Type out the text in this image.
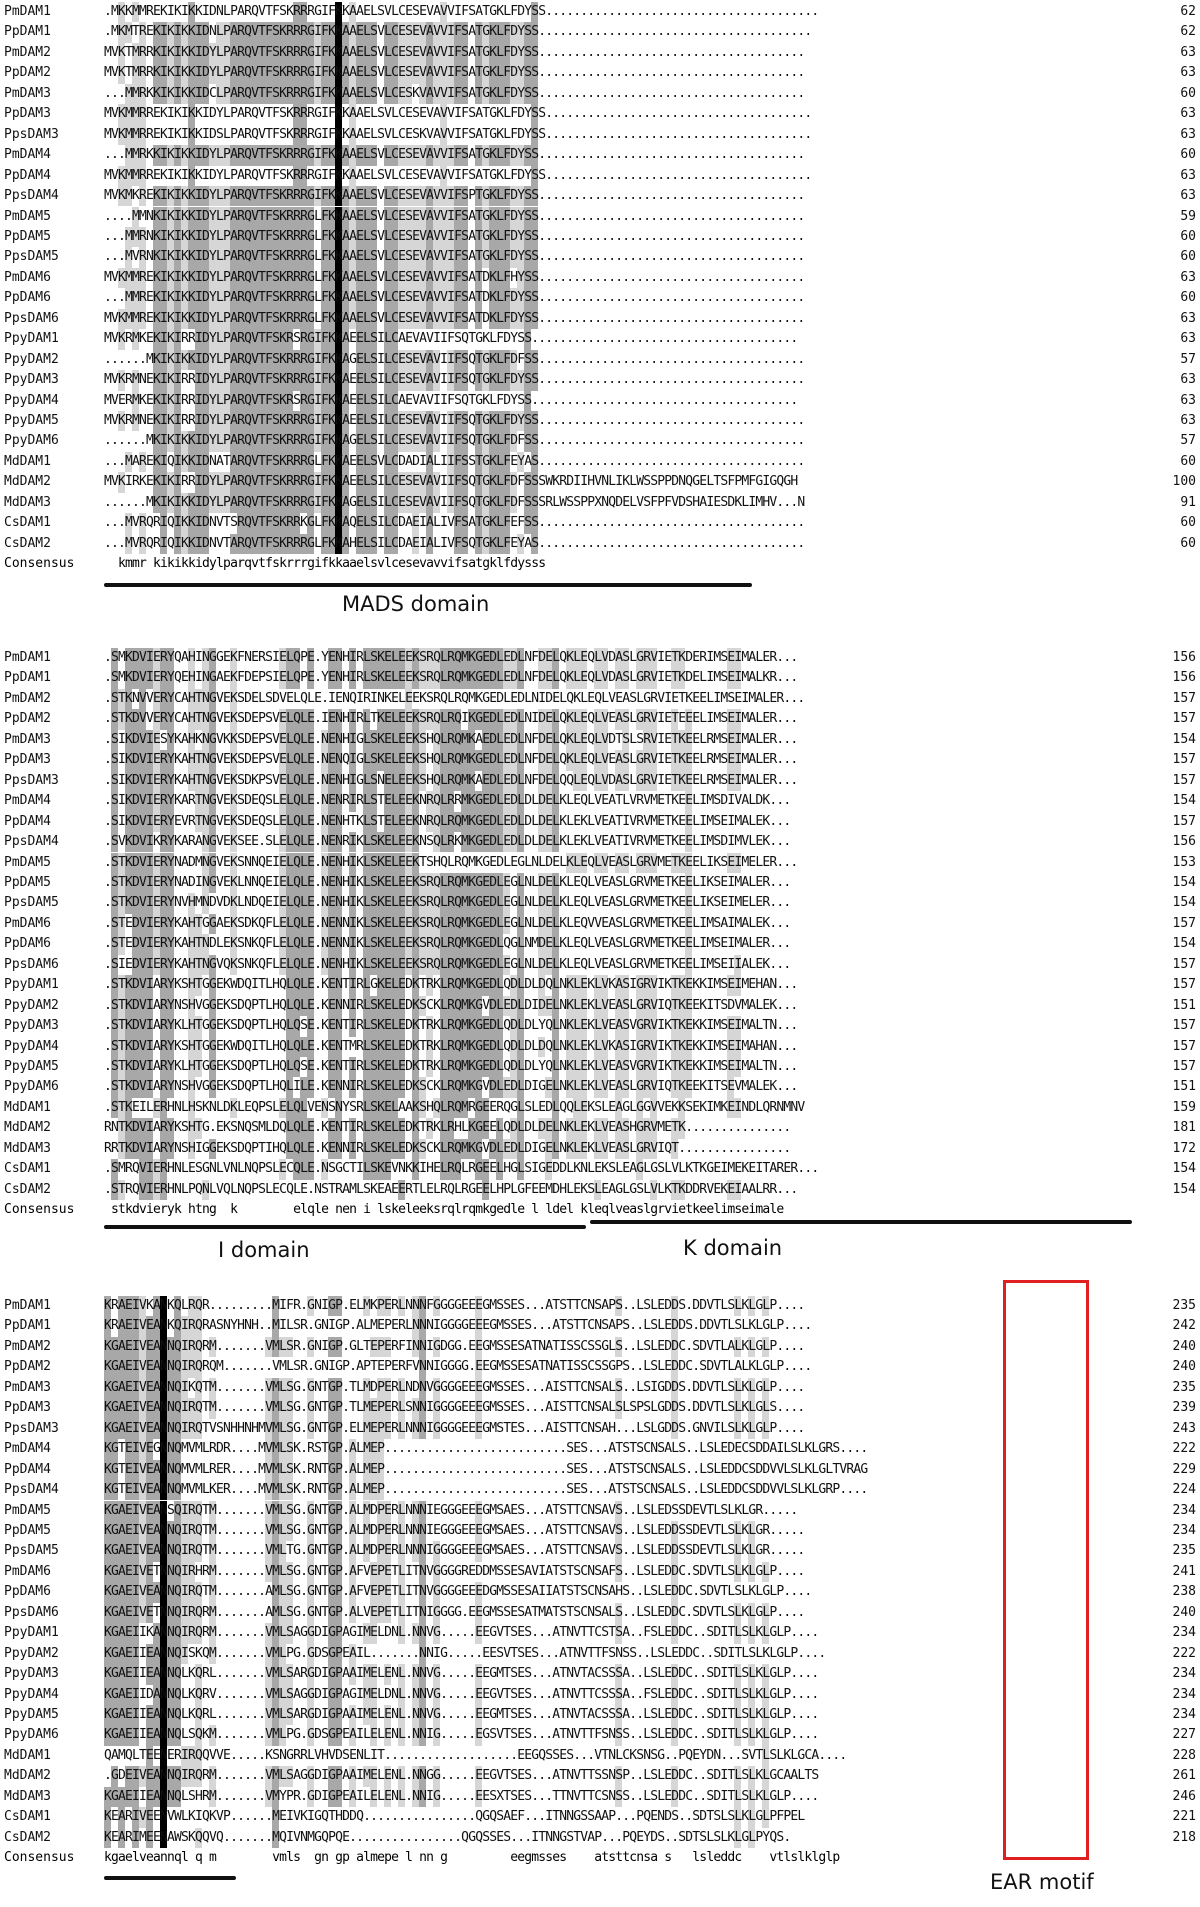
PmDAM1	.MKKMMREKIKIKKIDNLPARQVTFSKRRRGIFKKAAELSVLCESEVAVVIFSATGKLFDYSS.......................................	62
PpDAM1	.MKMTREKIKIKKIDNLPARQVTFSKRRRGIFKKAAELSVLCESEVAVVIFSATGKLFDYSS.......................................	62
PmDAM2	MVKTMRRKIKIKKIDYLPARQVTFSKRRRGIFKKAAELSVLCESEVAVVIFSATGKLFDYSS......................................	63
PpDAM2	MVKTMRRKIKIKKIDYLPARQVTFSKRRRGIFKKAAELSVLCESEVAVVIFSATGKLFDYSS......................................	63
PmDAM3	...MMRKKIKIKKIDCLPARQVTFSKRRRGIFKKAAELSVLCESKVAVVIFSATGKLFDYSS......................................	60
PpDAM3	MVKMMRREKIKIKKIDYLPARQVTFSKRRRGIFKKAAELSVLCESEVAVVIFSATGKLFDYSS......................................	63
PpsDAM3	MVKMMRREKIKIKKIDSLPARQVTFSKRRRGIFKKAAELSVLCESKVAVVIFSATGKLFDYSS......................................	63
PmDAM4	...MMRKKIKIKKIDYLPARQVTFSKRRRGIFKKAAELSVLCESEVAVVIFSATGKLFDYSS......................................	60
PpDAM4	MVKMMRREKIKIKKIDYLPARQVTFSKRRRGIFKKAAELSVLCESEVAVVIFSATGKLFDYSS......................................	63
PpsDAM4	MVKMKREKIKIKKIDYLPARQVTFSKRRRGIFKKAAELSVLCESEVAVVIFSPTGKLFDYSS......................................	63
PmDAM5	....MMNKIKIKKIDYLPARQVTFSKRRRGLFKKAAELSVLCESEVAVVIFSATGKLFDYSS......................................	59
PpDAM5	...MMRNKIKIKKIDYLPARQVTFSKRRRGLFKKAAELSVLCESEVAVVIFSATGKLFDYSS......................................	60
PpsDAM5	...MVRNKIKIKKIDYLPARQVTFSKRRRGLFKKAAELSVLCESEVAVVIFSATGKLFDYSS......................................	60
PmDAM6	MVKMMREKIKIKKIDYLPARQVTFSKRRRGLFKKAAELSVLCESEVAVVIFSATDKLFHYSS......................................	63
PpDAM6	...MMREKIKIKKIDYLPARQVTFSKRRRGLFKKAAELSVLCESEVAVVIFSATDKLFDYSS......................................	60
PpsDAM6	MVKMMREKIKIKKIDYLPARQVTFSKRRRGLFKKAAELSVLCESEVAVVIFSATDKLFDYSS......................................	63
PpyDAM1	MVKRMKEKIKIRRIDYLPARQVTFSKRSRGIFKKAEELSILCAEVAVIIFSQTGKLFDYSS......................................	63
PpyDAM2	......MKIKIKKIDYLPARQVTFSKRRRGIFKKAGELSILCESEVAVIIFSQTGKLFDFSS......................................	57
PpyDAM3	MVKRMNEKIKIRRIDYLPARQVTFSKRRRGIFKKAEELSILCESEVAVIIFSQTGKLFDYSS......................................	63
PpyDAM4	MVERMKEKIKIRRIDYLPARQVTFSKRSRGIFKKAEELSILCAEVAVIIFSQTGKLFDYSS......................................	63
PpyDAM5	MVKRMNEKIKIRRIDYLPARQVTFSKRRRGIFKKAEELSILCESEVAVIIFSQTGKLFDYSS......................................	63
PpyDAM6	......MKIKIKKIDYLPARQVTFSKRRRGIFKKAGELSILCESEVAVIIFSQTGKLFDFSS......................................	57
MdDAM1	...MAREKIQIKKIDNATARQVTFSKRRRGLFKKAEELSVLCDADIALIIFSSTGKLFEYAS......................................	60
MdDAM2	MVKIRKEKIKIRRIDYLPARQVTFSKRRRGIFKKAEELSILCESEVAVIIFSQTGKLFDFSSSWKRDIIHVNLIKLWSSPPDNQGELTSFPMFGIGQGH	100
MdDAM3	......MKIKIKKIDYLPARQVTFSKRRRGIFKKAGELSILCESEVAVIIFSQTGKLFDFSSSRLWSSPPXNQDELVSFPFVDSHAIESDKLIMHV...N	91
CsDAM1	...MVRQRIQIKKIDNVTSRQVTFSKRRKGLFKKAQELSILCDAEIALIVFSATGKLFEFSS......................................	60
CsDAM2	...MVRQRIQIKKIDNVTARQVTFSKRRRGLFKKAHELSILCDAEIALIVFSQTGKLFEYAS......................................	60
Consensus kmmr kikikkidylparqvtfskrrrgifkkaaelsvlcesevavvifsatgklfdysss
PmDAM1	.SMKDVIERYQAHINGGEKFNERSIELQPE.YENHIRLSKELEEKSRQLRQMKGEDLEDLNFDELQKLEQLVDASLGRVIETKDERIMSEIMALER...	156
PpDAM1	.SMKDVIERYQEHINGAEKFDEPSIELQPE.YENHIRLSKELEEKSRQLRQMKGEDLEDLNFDELQKLEQLVDASLGRVIETKDELIMSEIMALKR...	156
PmDAM2	.STKNVVERYCAHTNGVEKSDELSDVELQLE.IENQIRINKELEEKSRQLRQMKGEDLEDLNIDELQKLEQLVEASLGRVIETKEELIMSEIMALER...	157
PpDAM2	.STKDVVERYCAHTNGVEKSDEPSVELQLE.IENHIRLTKELEEKSRQLRQIKGEDLEDLNIDELQKLEQLVEASLGRVIETEEELIMSEIMALER...	157
PmDAM3	.SIKDVIESYKAHKNGVKKSDEPSVELQLE.NENHIGLSKELEEKSHQLRQMKAEDLEDLNFDELQKLEQLVDTSLSRVIETKEELRMSEIMALER...	154
PpDAM3	.SIKDVIERYKAHTNGVEKSDEPSVELQLE.NENQIGLSKELEEKSHQLRQMKGEDLEDLNFDELQKLEQLVEASLGRVIETKEELRMSEIMALER...	157
PpsDAM3	.SIKDVIERYKAHTNGVEKSDKPSVELQLE.NENHIGLSNELEEKSHQLRQMKAEDLEDLNFDELQQLEQLVDASLGRVIETKEELRMSEIMALER...	157
PmDAM4	.SIKDVIERYKARTNGVEKSDEQSLELQLE.NENRIRLSTELEEKNRQLRRMKGEDLEDLDLDELKLEQLVEATLVRVMETKEELIMSDIVALDK...	154
PpDAM4	.SIKDVIERYEVRTNGVEKSDEQSLELQLE.NENHTKLSTELEEKNRQLRQMKGEDLEDLDLDELKLEKLVEATIVRVMETKEELIMSEIMALEK...	157
PpsDAM4	.SVKDVIKRYKARANGVEKSEE.SLELQLE.NENRIKLSKELEEKNSQLRKMKGEDLEDLDLDELKLEKLVEATIVRVMETKEELIMSDIMVLEK...	156
PmDAM5	.STKDVIERYNADMNGVEKSNNQEIELQLE.NENHIKLSKELEEKTSHQLRQMKGEDLEGLNLDELKLEQLVEASLGRVMETKEELIKSEIMELER...	153
PpDAM5	.STKDVIERYNADINGVEKLNNQEIELQLE.NENHIKLSKELEEKSRQLRQMKGEDLEGLNLDELKLEQLVEASLGRVMETKEELIKSEIMALER...	154
PpsDAM5	.STKDVIERYNVHMNDVDKLNDQEIELQLE.NENHIKLSKELEEKSRQLRQMKGEDLEGLNLDELKLEQLVEASLGRVMETKEELIKSEIMELER...	154
PmDAM6	.STEDVIERYKAHTGGAEKSDKQFLELQLE.NENNIKLSKELEEKSRQLRQMKGEDLEGLNLDELKLEQVVEASLGRVMETKEELIMSAIMALEK...	157
PpDAM6	.STEDVIERYKAHTNDLEKSNKQFLELQLE.NENNIKLSKELEEKSRQLRQMKGEDLQGLNMDELKLEQLVEASLGRVMETKEELIMSEIMALER...	154
PpsDAM6	.SIEDVIERYKAHTNGVQKSNKQFLELQLE.NENHIKLSKELEEKSRQLRQMKGEDLEGLNLDELKLEQLVEASLGRVMETKEELIMSEIIALEK...	157
PpyDAM1	.STKDVIARYKSHTGGEKWDQITLHQLQLE.KENTIRLGKELEDKTRKLRQMKGEDLQDLDLDQLNKLEKLVKASIGRVIKTKEKKIMSEIMEHAN...	157
PpyDAM2	.STKDVIARYNSHVGGEKSDQPTLHQLQLE.KENNIRLSKELEDKSCKLRQMKGVDLEDLDIDELNKLEKLVEASLGRVIQTKEEKITSDVMALEK...	151
PpyDAM3	.STKDVIARYKLHTGGEKSDQPTLHQLQSE.KENTIRLSKELEDKTRKLRQMKGEDLQDLDLYQLNKLEKLVEASVGRVIKTKEKKIMSEIMALTN...	157
PpyDAM4	.STKDVIARYKSHTGGEKWDQITLHQLQLE.KENTMRLSKELEDKTRKLRQMKGEDLQDLDLDQLNKLEKLVKASIGRVIKTKEKKIMSEIMAHAN...	157
PpyDAM5	.STKDVIARYKLHTGGEKSDQPTLHQLQSE.KENTIRLSKELEDKTRKLRQMKGEDLQDLDLYQLNKLEKLVEASVGRVIKTKEKKIMSEIMALTN...	157
PpyDAM6	.STKDVIARYNSHVGGEKSDQPTLHQLILE.KENNIRLSKELEDKSCKLRQMKGVDLEDLDIGELNKLEKLVEASLGRVIQTKEEKITSEVMALEK...	151
MdDAM1	.STKEILERHNLHSKNLDKLEQPSLELQLVENSNYSRLSKELAAKSHQLRQMRGEERQGLSLEDLQQLEKSLEAGLGGVVEKKSEKIMKEINDLQRNMNV	159
MdDAM2	RNTKDVIARYKSHTG.EKSNQSMLDQLQLE.KENTIRLSKELEDKTRKLRHLKGEELQDLDLDELNKLEKLVEASHGRVMETK...............	181
MdDAM3	RRTKDVIARYNSHIGGEKSDQPTIHQLQLE.KENNIRLSKELEDKSCKLRQMKGVDLEDLDIGELNKLEKLVEASLGRVIQT................	172
CsDAM1	.SMRQVIERHNLESGNLVNLNQPSLECQLE.NSGCTILSKEVNKKIHELRQLRGEELHGLSIGEDDLKNLEKSLEAGLGSLVLKTKGEIMEKEITARER...	154
CsDAM2	.STRQVIERHNLPQNLVQLNQPSLECQLE.NSTRAMLSKEAEERTLELRQLRGEELHPLGFEEMDHLEKSLEAGLGSLVLKTKDDRVEKEIAALRR...	154
Consensus stkdvieryk htng  k        elqle nen i lskeleeksrqlrqmkgedle l ldel kleqlveaslgrvietkeelimseimale
PmDAM1	KRAEIVKANKQLRQR.........MIFR.GNIGP.ELMKPERLNNNFGGGGEEEGMSSES...ATSTTCNSAPS..LSLEDDS.DDVTLSLKLGLP....	235
PpDAM1	KRAEIVEANKQIRQRASNYHNH..MILSR.GNIGP.ALMEPERLNNNIGGGGEEEGMSSES...ATSTTCNSAPS..LSLEDDS.DDVTLSLKLGLP....	242
PmDAM2	KGAEIVEANNQIRQRM.......VMLSR.GNIGP.GLTEPERFINNIGDGG.EEGMSSESATNATISSCSSGLS..LSLEDDC.SDVTLALKLGLP....	240
PpDAM2	KGAEIVEANNQIRQRQM.......VMLSR.GNIGP.APTEPERFVNNIGGGG.EEGMSSESATNATISSCSSGPS..LSLEDDC.SDVTLALKLGLP....	240
PmDAM3	KGAEIVEANNQIKQTM.......VMLSG.GNTGP.TLMDPERLNDNVGGGGEEEGMSSES...AISTTCNSALS..LSIGDDS.DDVTLSLKLGLP....	235
PpDAM3	KGAEIVEANNQIRQTM.......VMLSG.GNTGP.TLMEPERLSNNIGGGGEEEGMSSES...AISTTCNSALSLSPSLGDDS.DDVTLSLKLGLS....	239
PpsDAM3	KGAEIVEANNQIRQTVSNHHNHMVMLSG.GNTGP.ELMEPERLNNNIGGGGEEEGMSTES...AISTTCNSAH...LSLGDDS.GNVILSLKLGLP....	243
PmDAM4	KGTEIVEGNNQMVMLRDR....MVMLSK.RSTGP.ALMEP..........................SES...ATSTSCNSALS..LSLEDECSDDAILSLKLGRS....	222
PpDAM4	KGTEIVEANNQMVMLRER....MVMLSK.RNTGP.ALMEP..........................SES...ATSTSCNSALS..LSLEDDCSDDVVLSLKLGLTVRAG	229
PpsDAM4	KGTEIVEANNQMVMLKER....MVMLSK.RNTGP.ALMEP..........................SES...ATSTSCNSALS..LSLEDDCSDDVVLSLKLGRP....	224
PmDAM5	KGAEIVEANSQIRQTM.......VMLSG.GNTGP.ALMDPERLNNNIEGGGEEEGMSAES...ATSTTCNSAVS..LSLEDSSDEVTLSLKLGR.....	234
PpDAM5	KGAEIVEANNQIRQTM.......VMLSG.GNTGP.ALMDPERLNNNIEGGGEEEGMSAES...ATSTTCNSAVS..LSLEDDSSDEVTLSLKLGR.....	234
PpsDAM5	KGAEIVEANNQIRQTM.......VMLTG.GNTGP.ALMDPERLNNNIGGGGEEEGMSAES...ATSTTCNSAVS..LSLEDDSSDEVTLSLKLGR.....	235
PmDAM6	KGAEIVETNNQIRHRM.......VMLSG.GNTGP.AFVEPETLITNVGGGGREDDMSSESAVIATSTSCNSAFS..LSLEDDC.SDVTLSLKLGLP....	241
PpDAM6	KGAEIVEANNQIRQTM.......AMLSG.GNTGP.AFVEPETLITNVGGGGEEEDGMSSESAIIATSTSCNSAHS..LSLEDDC.SDVTLSLKLGLP....	238
PpsDAM6	KGAEIVETNNQIRQRM.......AMLSG.GNTGP.ALVEPETLITNIGGGG.EEGMSSESATMATSTSCNSALS..LSLEDDC.SDVTLSLKLGLP....	240
PpyDAM1	KGAEIIKANNQIRQRM.......VMLSAGGDIGPAGIMELDNL.NNVG.....EEGVTSES...ATNVTTCSTSA..FSLEDDC..SDITLSLKLGLP....	234
PpyDAM2	KGAEIIEANNQISKQM.......VMLPG.GDSGPEAIL.......NNIG.....EESVTSES...ATNVTTFSNSS..LSLEDDC..SDITLSLKLGLP....	222
PpyDAM3	KGAEIIEANNQLKQRL.......VMLSARGDIGPAAIMELENL.NNVG.....EEGMTSES...ATNVTACSSSA..LSLEDDC..SDITLSLKLGLP....	234
PpyDAM4	KGAEIIDANNQLKQRV.......VMLSAGGDIGPAGIMELDNL.NNVG.....EEGVTSES...ATNVTTCSSSA..FSLEDDC..SDITLSLKLGLP....	234
PpyDAM5	KGAEIIEANNQLKQRL.......VMLSARGDIGPAAIMELENL.NNVG.....EEGMTSES...ATNVTACSSSA..LSLEDDC..SDITLSLKLGLP....	234
PpyDAM6	KGAEIIEANNQLSQKM.......VMLPG.GDSGPEAILELENL.NNIG.....EGSVTSES...ATNVTTFSNSS..LSLEDDC..SDITLSLKLGLP....	227
MdDAM1	QAMQLTEENERIRQQVVE.....KSNGRRLVHVDSENLIT...................EEGQSSES...VTNLCKSNSG..PQEYDN...SVTLSLKLGCA....	228
MdDAM2	.GDEIVEANNQIRQRM.......VMLSAGGDIGPAAIMELENL.NNGG.....EEGVTSES...ATNVTTSSNSP..LSLEDDC..SDITLSLKLGCAALTS	261
MdDAM3	KGAEIIEANNQLSHRM.......VMYPR.GDIGPEAILELENL.NNIG.....EESXTSES...TTNVTTCSNSS..LSLEDDC..SDITLSLKLGLP....	246
CsDAM1	KEARIVEENVWLKIQKVP......MEIVKIGQTHDDQ................QGQSAEF...ITNNGSSAAP...PQENDS..SDTSLSLKLGLPFPEL	221
CsDAM2	KEARIMEENAWSKQQVQ.......MQIVNMGQPQE................QGQSSES...ITNNGSTVAP...PQEYDS..SDTSLSLKLGLPYQS.	218
Consensus kgaelveannql q m        vmls  gn gp almepe l nn g         eegmsses    atsttcnsa s   lsleddc    vtlslklglp
MADS domain
I domain	K domain
EAR motif
